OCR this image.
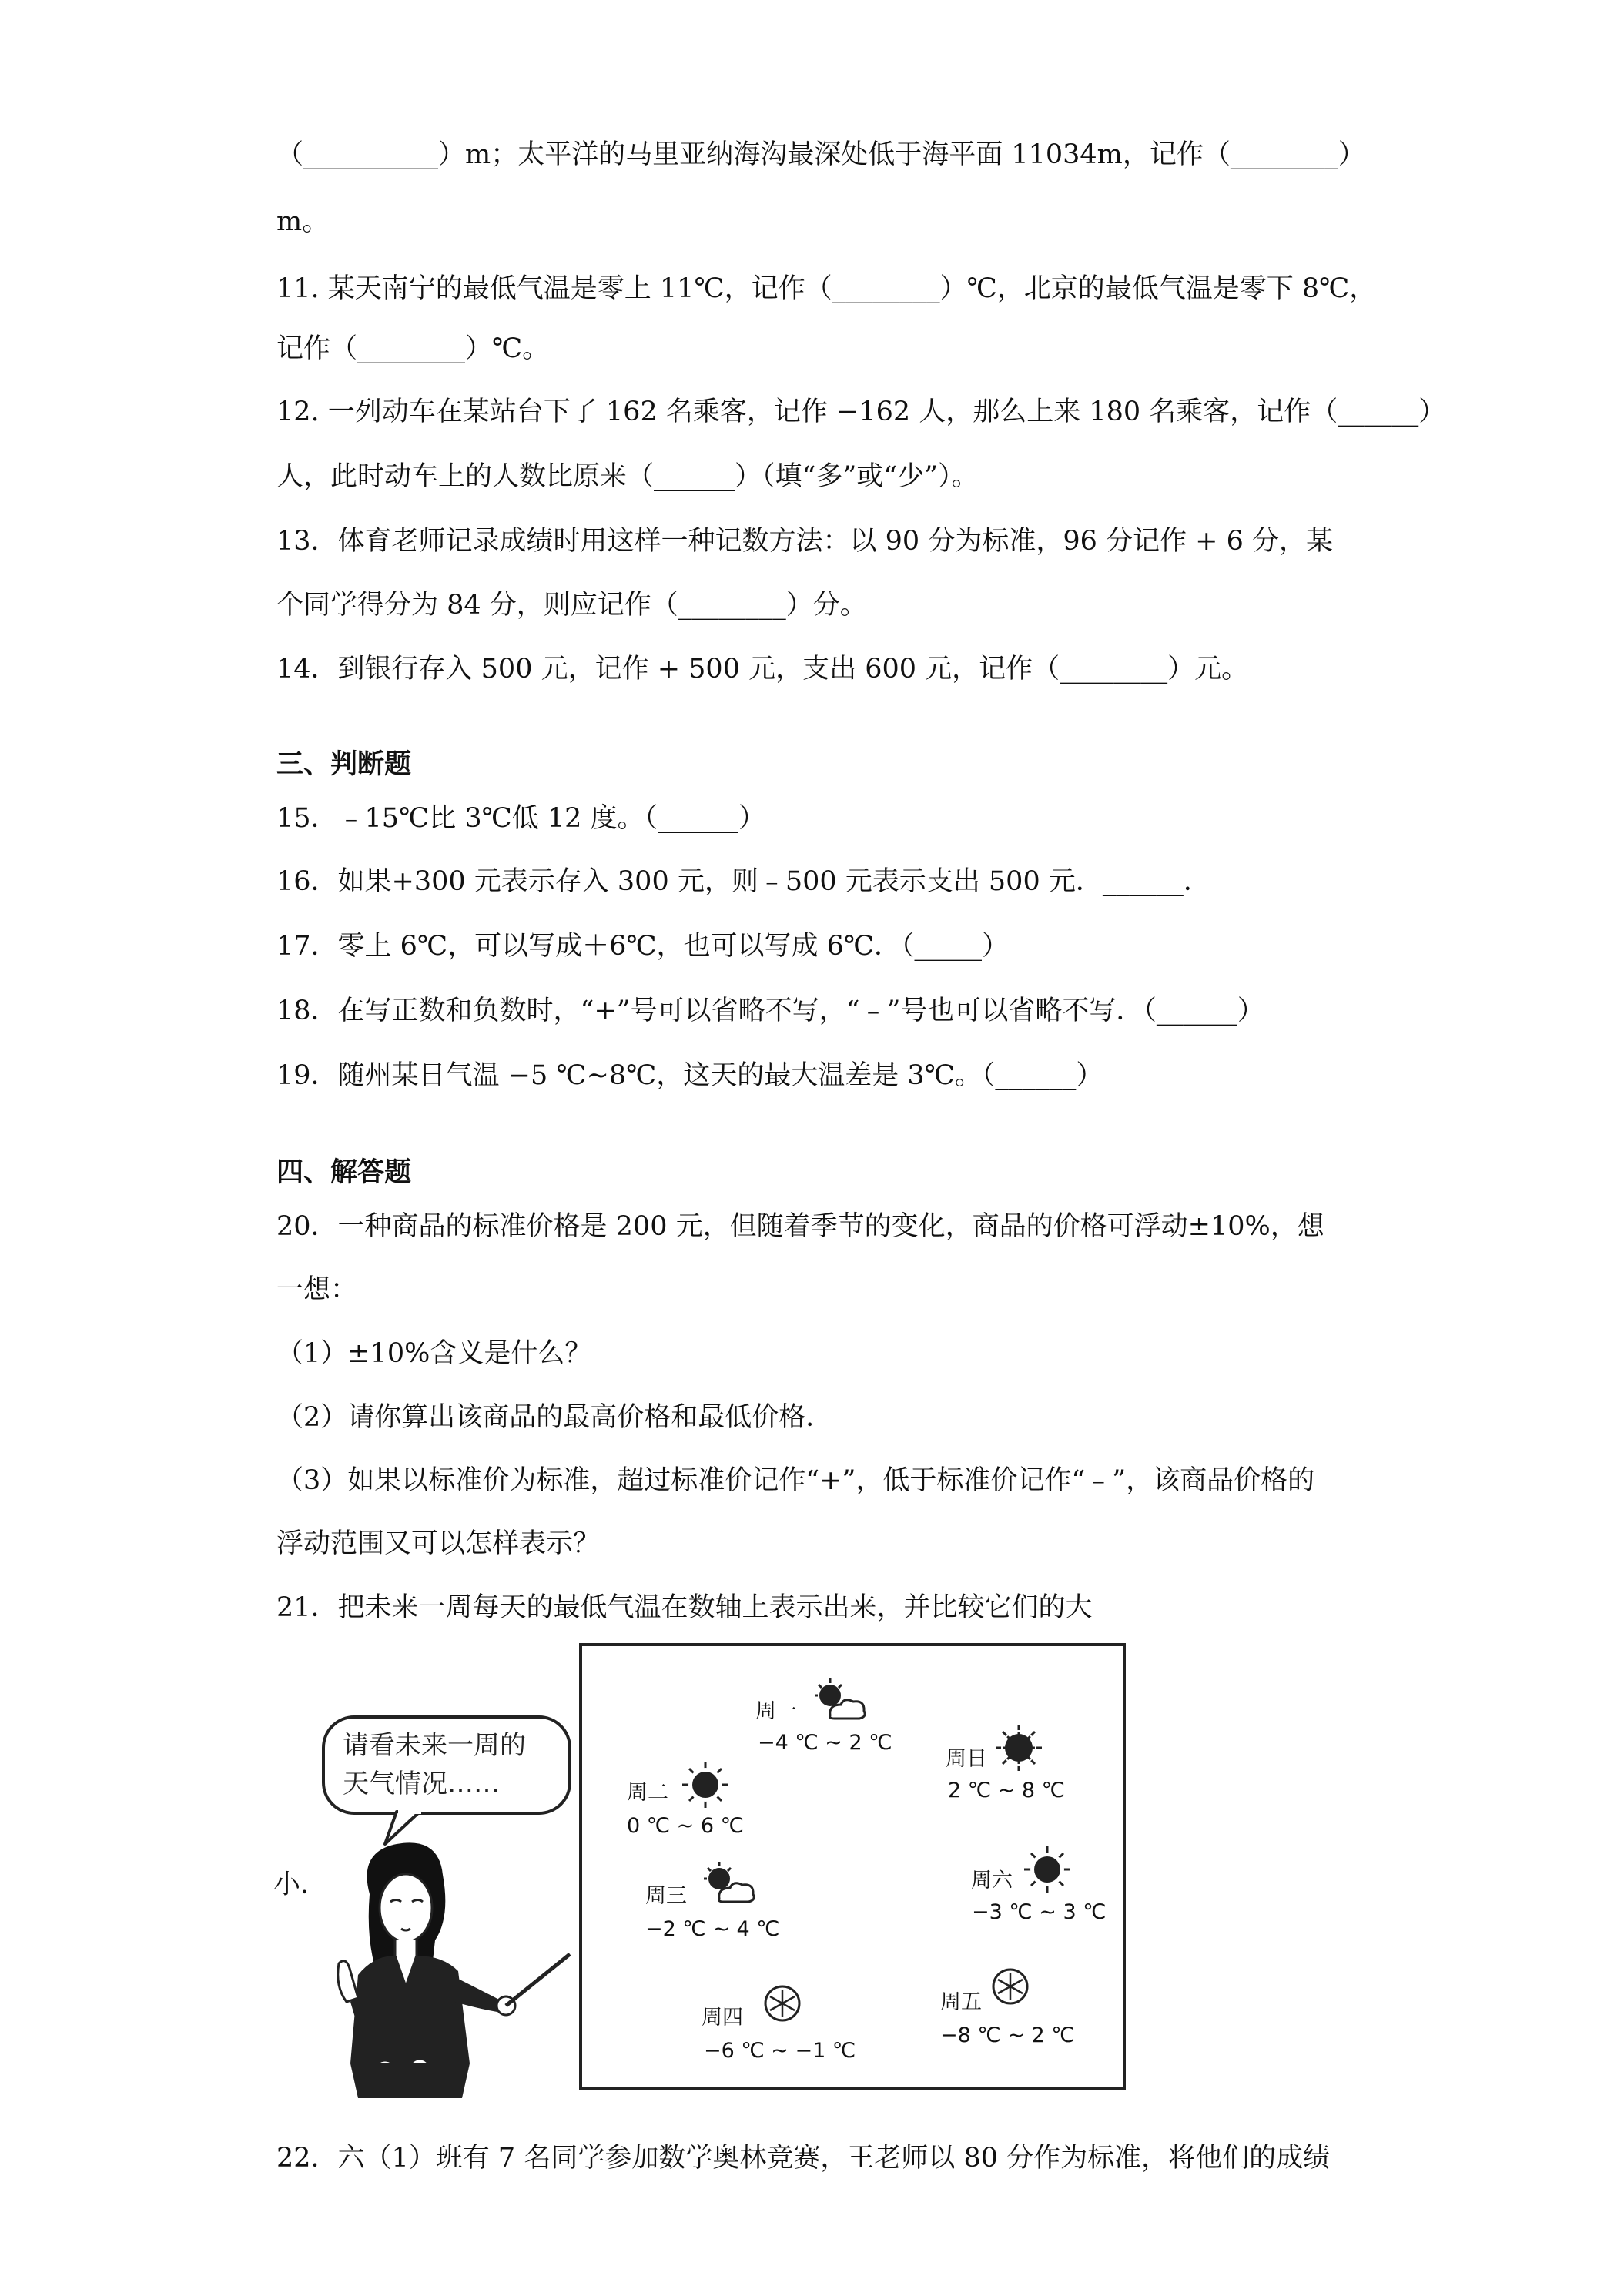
（__________）m；太平洋的马里亚纳海沟最深处低于海平面 11034m，记作（________）
m。
11. 某天南宁的最低气温是零上 11℃，记作（________）℃，北京的最低气温是零下 8℃，
记作（________）℃。
12. 一列动车在某站台下了 162 名乘客，记作 −162 人，那么上来 180 名乘客，记作（______）
人，此时动车上的人数比原来（______）（填“多”或“少”）。
13．体育老师记录成绩时用这样一种记数方法：以 90 分为标准，96 分记作 + 6 分，某
个同学得分为 84 分，则应记作（________）分。
14．到银行存入 500 元，记作 + 500 元，支出 600 元，记作（________）元。
三、判断题
15．﹣15℃比 3℃低 12 度。（______）
16．如果+300 元表示存入 300 元，则﹣500 元表示支出 500 元．______．
17．零上 6℃，可以写成＋6℃，也可以写成 6℃．（_____）
18．在写正数和负数时，“+”号可以省略不写，“﹣”号也可以省略不写．（______）
19．随州某日气温 −5 ℃~8℃，这天的最大温差是 3℃。（______）
四、解答题
20．一种商品的标准价格是 200 元，但随着季节的变化，商品的价格可浮动±10%，想
一想：
（1）±10%含义是什么？
（2）请你算出该商品的最高价格和最低价格．
（3）如果以标准价为标准，超过标准价记作“+”，低于标准价记作“﹣”，该商品价格的
浮动范围又可以怎样表示？
21．把未来一周每天的最低气温在数轴上表示出来，并比较它们的大
小．
请看未来一周的
天气情况……
周一
−4 ℃ ~ 2 ℃
周日
2 ℃ ~ 8 ℃
周二
0 ℃ ~ 6 ℃
周六
−3 ℃ ~ 3 ℃
周三
−2 ℃ ~ 4 ℃
周五
−8 ℃ ~ 2 ℃
周四
−6 ℃ ~ −1 ℃
22．六（1）班有 7 名同学参加数学奥林竞赛，王老师以 80 分作为标准，将他们的成绩
